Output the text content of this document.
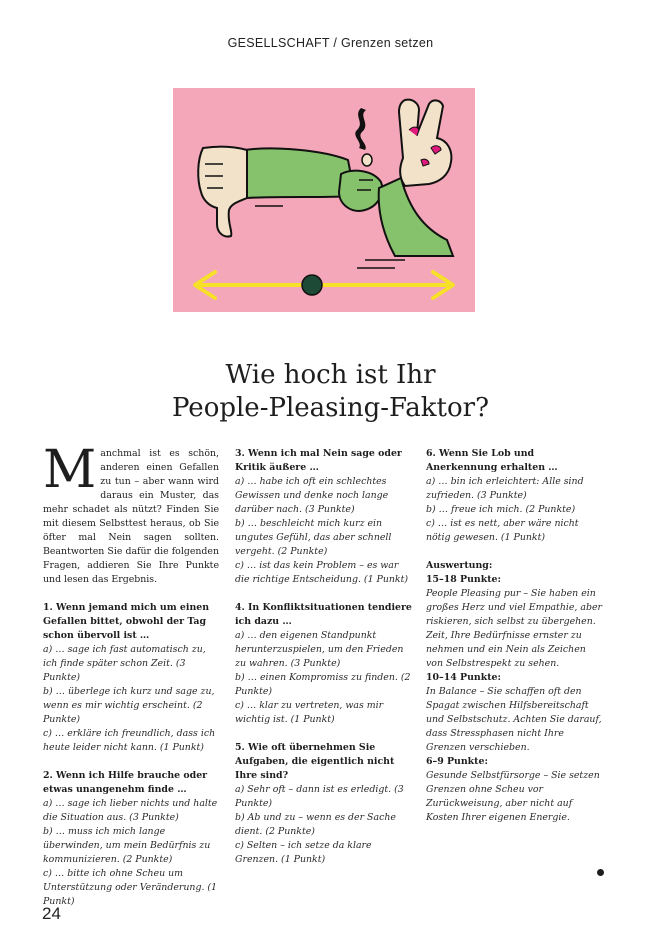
GESELLSCHAFT / Grenzen setzen
Wie hoch ist Ihr
People-Pleasing-Faktor?

Manchmal ist es schön, anderen einen Gefallen zu tun – aber wann wird daraus ein Muster, das mehr schadet als nützt? Finden Sie mit diesem Selbsttest heraus, ob Sie öfter mal Nein sagen sollten. Beantworten Sie dafür die folgenden Fragen, addieren Sie Ihre Punkte und lesen das Ergebnis.

1. Wenn jemand mich um einen Gefallen bittet, obwohl der Tag schon übervoll ist …

a) … sage ich fast automatisch zu, ich finde später schon Zeit. (3 Punkte)

b) … überlege ich kurz und sage zu, wenn es mir wichtig erscheint. (2 Punkte)

c) … erkläre ich freundlich, dass ich heute leider nicht kann. (1 Punkt)

2. Wenn ich Hilfe brauche oder etwas unangenehm finde …

a) … sage ich lieber nichts und halte die Situation aus. (3 Punkte)

b) … muss ich mich lange überwinden, um mein Bedürfnis zu kommunizieren. (2 Punkte)

c) … bitte ich ohne Scheu um Unterstützung oder Veränderung. (1 Punkt)

3. Wenn ich mal Nein sage oder Kritik äußere …

a) … habe ich oft ein schlechtes Gewissen und denke noch lange darüber nach. (3 Punkte)

b) … beschleicht mich kurz ein ungutes Gefühl, das aber schnell vergeht. (2 Punkte)

c) … ist das kein Problem – es war die richtige Entscheidung. (1 Punkt)

4. In Konfliktsituationen tendiere ich dazu …

a) … den eigenen Standpunkt herunterzuspielen, um den Frieden zu wahren. (3 Punkte)

b) … einen Kompromiss zu finden. (2 Punkte)

c) … klar zu vertreten, was mir wichtig ist. (1 Punkt)

5. Wie oft übernehmen Sie Aufgaben, die eigentlich nicht Ihre sind?

a) Sehr oft – dann ist es erledigt. (3 Punkte)

b) Ab und zu – wenn es der Sache dient. (2 Punkte)

c) Selten – ich setze da klare Grenzen. (1 Punkt)

6. Wenn Sie Lob und Anerkennung erhalten …

a) … bin ich erleichtert: Alle sind zufrieden. (3 Punkte)

b) … freue ich mich. (2 Punkte)

c) … ist es nett, aber wäre nicht nötig gewesen. (1 Punkt)

Auswertung:

15–18 Punkte:

People Pleasing pur – Sie haben ein großes Herz und viel Empathie, aber riskieren, sich selbst zu übergehen. Zeit, Ihre Bedürfnisse ernster zu nehmen und ein Nein als Zeichen von Selbstrespekt zu sehen.

10–14 Punkte:

In Balance – Sie schaffen oft den Spagat zwischen Hilfsbereitschaft und Selbstschutz. Achten Sie darauf, dass Stressphasen nicht Ihre Grenzen verschieben.

6–9 Punkte:

Gesunde Selbstfürsorge – Sie setzen Grenzen ohne Scheu vor Zurückweisung, aber nicht auf Kosten Ihrer eigenen Energie.

24
